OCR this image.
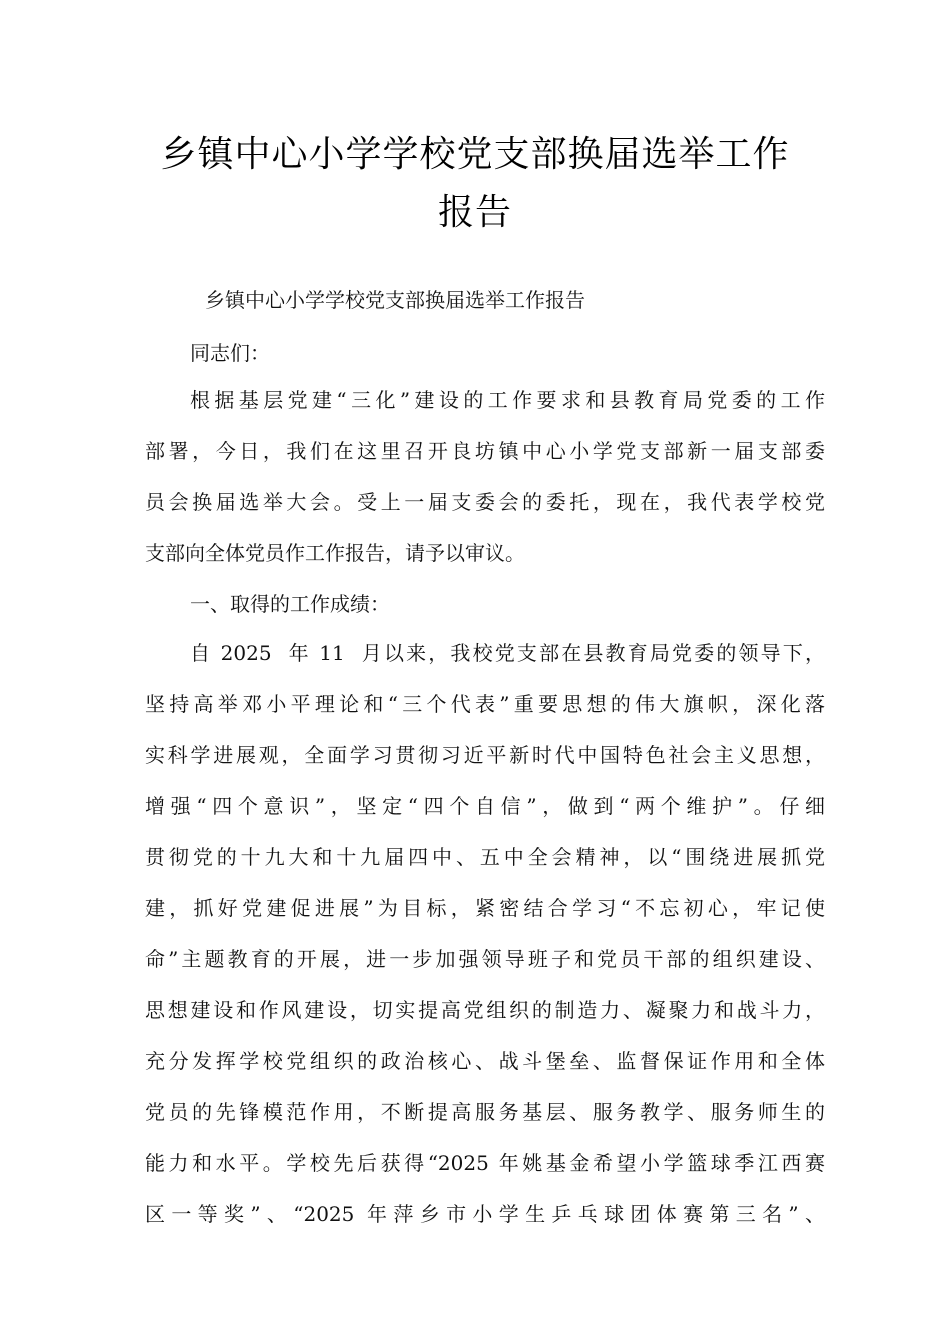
乡镇中心小学学校党支部换届选举工作
报告
乡镇中心小学学校党支部换届选举工作报告
同志们：
根据基层党建“三化”建设的工作要求和县教育局党委的工作
部署，今日，我们在这里召开良坊镇中心小学党支部新一届支部委
员会换届选举大会。受上一届支委会的委托，现在，我代表学校党
支部向全体党员作工作报告，请予以审议。
一、取得的工作成绩：
自 2025  年 11  月以来，我校党支部在县教育局党委的领导下，
坚持高举邓小平理论和“三个代表”重要思想的伟大旗帜，深化落
实科学进展观，全面学习贯彻习近平新时代中国特色社会主义思想，
增强“四个意识”，坚定“四个自信”，做到“两个维护”。仔细
贯彻党的十九大和十九届四中、五中全会精神，以“围绕进展抓党
建，抓好党建促进展”为目标，紧密结合学习“不忘初心，牢记使
命”主题教育的开展，进一步加强领导班子和党员干部的组织建设、
思想建设和作风建设，切实提高党组织的制造力、凝聚力和战斗力，
充分发挥学校党组织的政治核心、战斗堡垒、监督保证作用和全体
党员的先锋模范作用，不断提高服务基层、服务教学、服务师生的
能力和水平。学校先后获得“2025 年姚基金希望小学篮球季江西赛
区一等奖”、“2025 年萍乡市小学生乒乓球团体赛第三名”、
